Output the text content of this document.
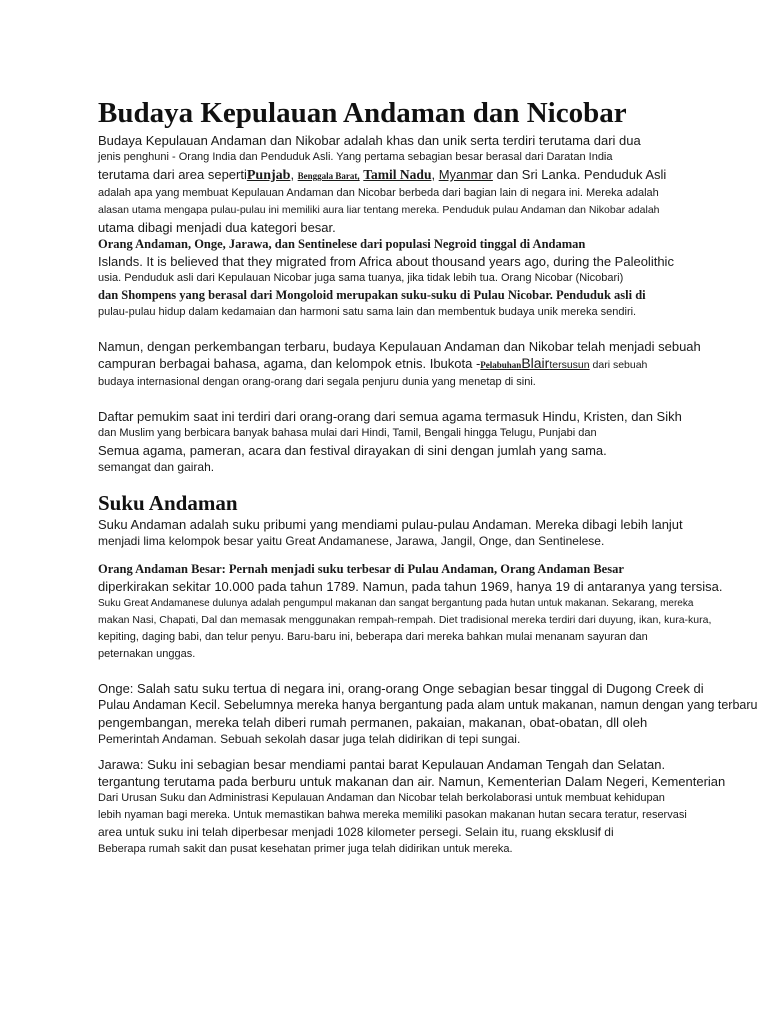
Budaya Kepulauan Andaman dan Nicobar
Budaya Kepulauan Andaman dan Nikobar adalah khas dan unik serta terdiri terutama dari dua
jenis penghuni - Orang India dan Penduduk Asli. Yang pertama sebagian besar berasal dari Daratan India
terutama dari area sepertiPunjab, Benggala Barat, Tamil Nadu, Myanmar dan Sri Lanka. Penduduk Asli
adalah apa yang membuat Kepulauan Andaman dan Nicobar berbeda dari bagian lain di negara ini. Mereka adalah
alasan utama mengapa pulau-pulau ini memiliki aura liar tentang mereka. Penduduk pulau Andaman dan Nikobar adalah
utama dibagi menjadi dua kategori besar.
Orang Andaman, Onge, Jarawa, dan Sentinelese dari populasi Negroid tinggal di Andaman
Islands. It is believed that they migrated from Africa about thousand years ago, during the Paleolithic
usia. Penduduk asli dari Kepulauan Nicobar juga sama tuanya, jika tidak lebih tua. Orang Nicobar (Nicobari)
dan Shompens yang berasal dari Mongoloid merupakan suku-suku di Pulau Nicobar. Penduduk asli di
pulau-pulau hidup dalam kedamaian dan harmoni satu sama lain dan membentuk budaya unik mereka sendiri.
Namun, dengan perkembangan terbaru, budaya Kepulauan Andaman dan Nikobar telah menjadi sebuah
campuran berbagai bahasa, agama, dan kelompok etnis. Ibukota -PelabuhanBlairtersusun dari sebuah
budaya internasional dengan orang-orang dari segala penjuru dunia yang menetap di sini.
Daftar pemukim saat ini terdiri dari orang-orang dari semua agama termasuk Hindu, Kristen, dan Sikh
dan Muslim yang berbicara banyak bahasa mulai dari Hindi, Tamil, Bengali hingga Telugu, Punjabi dan
Semua agama, pameran, acara dan festival dirayakan di sini dengan jumlah yang sama.
semangat dan gairah.
Suku Andaman
Suku Andaman adalah suku pribumi yang mendiami pulau-pulau Andaman. Mereka dibagi lebih lanjut
menjadi lima kelompok besar yaitu Great Andamanese, Jarawa, Jangil, Onge, dan Sentinelese.
Orang Andaman Besar: Pernah menjadi suku terbesar di Pulau Andaman, Orang Andaman Besar
diperkirakan sekitar 10.000 pada tahun 1789. Namun, pada tahun 1969, hanya 19 di antaranya yang tersisa.
Suku Great Andamanese dulunya adalah pengumpul makanan dan sangat bergantung pada hutan untuk makanan. Sekarang, mereka
makan Nasi, Chapati, Dal dan memasak menggunakan rempah-rempah. Diet tradisional mereka terdiri dari duyung, ikan, kura-kura,
kepiting, daging babi, dan telur penyu. Baru-baru ini, beberapa dari mereka bahkan mulai menanam sayuran dan
peternakan unggas.
Onge: Salah satu suku tertua di negara ini, orang-orang Onge sebagian besar tinggal di Dugong Creek di
Pulau Andaman Kecil. Sebelumnya mereka hanya bergantung pada alam untuk makanan, namun dengan yang terbaru
pengembangan, mereka telah diberi rumah permanen, pakaian, makanan, obat-obatan, dll oleh
Pemerintah Andaman. Sebuah sekolah dasar juga telah didirikan di tepi sungai.
Jarawa: Suku ini sebagian besar mendiami pantai barat Kepulauan Andaman Tengah dan Selatan.
tergantung terutama pada berburu untuk makanan dan air. Namun, Kementerian Dalam Negeri, Kementerian
Dari Urusan Suku dan Administrasi Kepulauan Andaman dan Nicobar telah berkolaborasi untuk membuat kehidupan
lebih nyaman bagi mereka. Untuk memastikan bahwa mereka memiliki pasokan makanan hutan secara teratur, reservasi
area untuk suku ini telah diperbesar menjadi 1028 kilometer persegi. Selain itu, ruang eksklusif di
Beberapa rumah sakit dan pusat kesehatan primer juga telah didirikan untuk mereka.
